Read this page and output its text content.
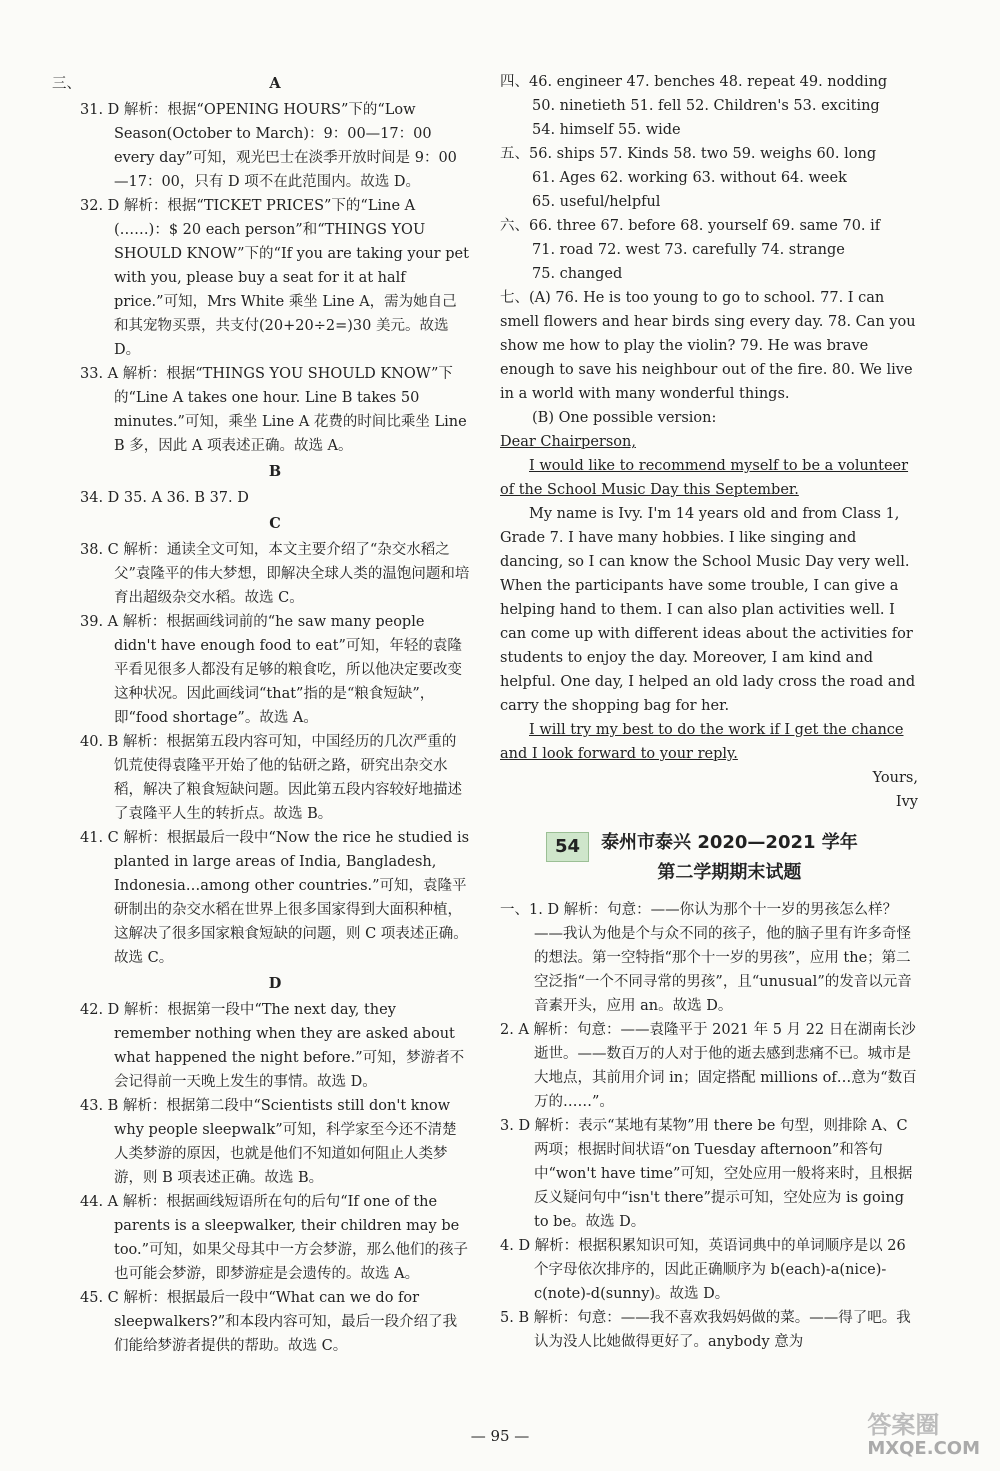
A

31. D 解析：根据“OPENING HOURS”下的“Low Season(October to March)：9：00—17：00 every day”可知，观光巴士在淡季开放时间是 9：00—17：00，只有 D 项不在此范围内。故选 D。

32. D 解析：根据“TICKET PRICES”下的“Line A (……)：$ 20 each person”和“THINGS YOU SHOULD KNOW”下的“If you are taking your pet with you, please buy a seat for it at half price.”可知，Mrs White 乘坐 Line A，需为她自己和其宠物买票，共支付(20+20÷2=)30 美元。故选 D。

33. A 解析：根据“THINGS YOU SHOULD KNOW”下的“Line A takes one hour. Line B takes 50 minutes.”可知，乘坐 Line A 花费的时间比乘坐 Line B 多，因此 A 项表述正确。故选 A。

B

34. D 35. A 36. B 37. D

C

38. C 解析：通读全文可知，本文主要介绍了“杂交水稻之父”袁隆平的伟大梦想，即解决全球人类的温饱问题和培育出超级杂交水稻。故选 C。

39. A 解析：根据画线词前的“he saw many people didn't have enough food to eat”可知，年轻的袁隆平看见很多人都没有足够的粮食吃，所以他决定要改变这种状况。因此画线词“that”指的是“粮食短缺”，即“food shortage”。故选 A。

40. B 解析：根据第五段内容可知，中国经历的几次严重的饥荒使得袁隆平开始了他的钻研之路，研究出杂交水稻，解决了粮食短缺问题。因此第五段内容较好地描述了袁隆平人生的转折点。故选 B。

41. C 解析：根据最后一段中“Now the rice he studied is planted in large areas of India, Bangladesh, Indonesia…among other countries.”可知，袁隆平研制出的杂交水稻在世界上很多国家得到大面积种植，这解决了很多国家粮食短缺的问题，则 C 项表述正确。故选 C。

D

42. D 解析：根据第一段中“The next day, they remember nothing when they are asked about what happened the night before.”可知，梦游者不会记得前一天晚上发生的事情。故选 D。

43. B 解析：根据第二段中“Scientists still don't know why people sleepwalk”可知，科学家至今还不清楚人类梦游的原因，也就是他们不知道如何阻止人类梦游，则 B 项表述正确。故选 B。

44. A 解析：根据画线短语所在句的后句“If one of the parents is a sleepwalker, their children may be too.”可知，如果父母其中一方会梦游，那么他们的孩子也可能会梦游，即梦游症是会遗传的。故选 A。

45. C 解析：根据最后一段中“What can we do for sleepwalkers?”和本段内容可知，最后一段介绍了我们能给梦游者提供的帮助。故选 C。

三、	四、46. engineer 47. benches 48. repeat 49. nodding

50. ninetieth 51. fell 52. Children's 53. exciting

54. himself 55. wide

五、56. ships 57. Kinds 58. two 59. weighs 60. long

61. Ages 62. working 63. without 64. week

65. useful/helpful

六、66. three 67. before 68. yourself 69. same 70. if

71. road 72. west 73. carefully 74. strange

75. changed

七、(A) 76. He is too young to go to school. 77. I can smell flowers and hear birds sing every day. 78. Can you show me how to play the violin? 79. He was brave enough to save his neighbour out of the fire. 80. We live in a world with many wonderful things.

(B) One possible version:

Dear Chairperson,

I would like to recommend myself to be a volunteer of the School Music Day this September.

My name is Ivy. I'm 14 years old and from Class 1, Grade 7. I have many hobbies. I like singing and dancing, so I can know the School Music Day very well. When the participants have some trouble, I can give a helping hand to them. I can also plan activities well. I can come up with different ideas about the activities for students to enjoy the day. Moreover, I am kind and helpful. One day, I helped an old lady cross the road and carry the shopping bag for her.

I will try my best to do the work if I get the chance and I look forward to your reply.

Yours,

Ivy

54	泰州市泰兴 2020—2021 学年
第二学期期末试题

一、1. D 解析：句意：——你认为那个十一岁的男孩怎么样？——我认为他是个与众不同的孩子，他的脑子里有许多奇怪的想法。第一空特指“那个十一岁的男孩”，应用 the；第二空泛指“一个不同寻常的男孩”，且“unusual”的发音以元音音素开头，应用 an。故选 D。

2. A 解析：句意：——袁隆平于 2021 年 5 月 22 日在湖南长沙逝世。——数百万的人对于他的逝去感到悲痛不已。城市是大地点，其前用介词 in；固定搭配 millions of…意为“数百万的……”。

3. D 解析：表示“某地有某物”用 there be 句型，则排除 A、C 两项；根据时间状语“on Tuesday afternoon”和答句中“won't have time”可知，空处应用一般将来时，且根据反义疑问句中“isn't there”提示可知，空处应为 is going to be。故选 D。

4. D 解析：根据积累知识可知，英语词典中的单词顺序是以 26 个字母依次排序的，因此正确顺序为 b(each)-a(nice)-c(note)-d(sunny)。故选 D。

5. B 解析：句意：——我不喜欢我妈妈做的菜。——得了吧。我认为没人比她做得更好了。anybody 意为

— 95 —	答案圈
MXQE.COM
